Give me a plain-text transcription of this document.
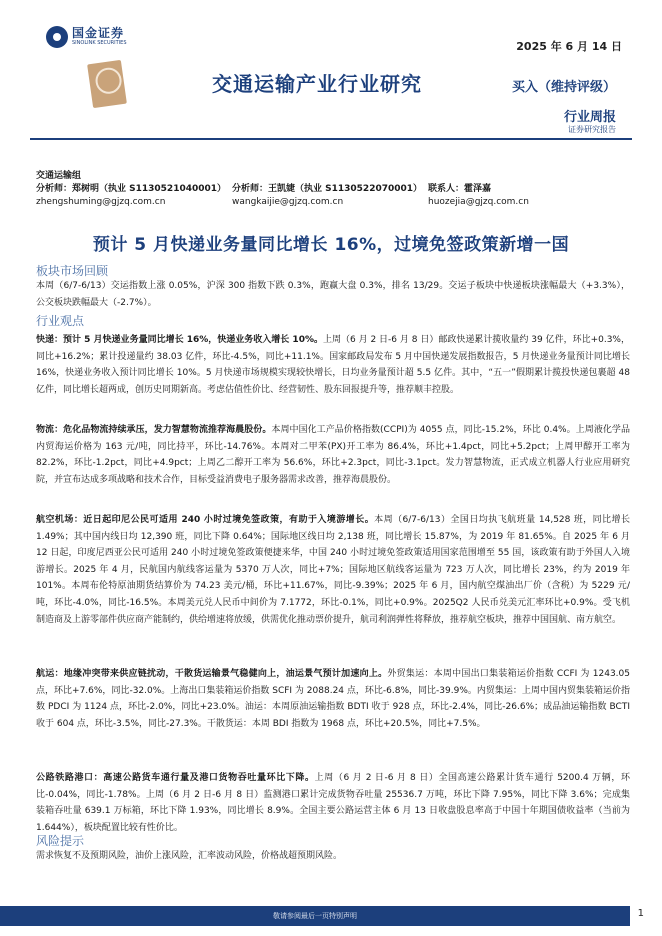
国金证券
SINOLINK SECURITIES	2025 年 6 月 14 日
交通运输产业行业研究	买入（维持评级）
行业周报
证券研究报告
交通运输组
分析师：郑树明（执业 S1130521040001） 分析师：王凯婕（执业 S1130522070001） 联系人：霍泽嘉
zhengshuming@gjzq.com.cn	wangkaijie@gjzq.com.cn	huozejia@gjzq.com.cn
预计 5 月快递业务量同比增长 16%，过境免签政策新增一国
板块市场回顾

本周（6/7-6/13）交运指数上涨 0.05%，沪深 300 指数下跌 0.3%，跑赢大盘 0.3%，排名 13/29。交运子板块中快递板块涨幅最大（+3.3%），公交板块跌幅最大（-2.7%）。

行业观点

快递：预计 5 月快递业务量同比增长 16%，快递业务收入增长 10%。上周（6 月 2 日-6 月 8 日）邮政快递累计揽收量约 39 亿件，环比+0.3%，同比+16.2%；累计投递量约 38.03 亿件，环比-4.5%，同比+11.1%。国家邮政局发布 5 月中国快递发展指数报告，5 月快递业务量预计同比增长 16%，快递业务收入预计同比增长 10%。5 月快递市场规模实现较快增长，日均业务量预计超 5.5 亿件。其中，“五一”假期累计揽投快递包裹超 48 亿件，同比增长超两成，创历史同期新高。考虑估值性价比、经营韧性、股东回报提升等，推荐顺丰控股。

物流：危化品物流持续承压，发力智慧物流推荐海晨股份。本周中国化工产品价格指数(CCPI)为 4055 点，同比-15.2%，环比 0.4%。上周液化学品内贸海运价格为 163 元/吨，同比持平，环比-14.76%。本周对二甲苯(PX)开工率为 86.4%，环比+1.4pct，同比+5.2pct；上周甲醇开工率为 82.2%，环比-1.2pct，同比+4.9pct；上周乙二醇开工率为 56.6%，环比+2.3pct，同比-3.1pct。发力智慧物流，正式成立机器人行业应用研究院，并宣布达成多项战略和技术合作，目标受益消费电子服务器需求改善，推荐海晨股份。

航空机场：近日起印尼公民可适用 240 小时过境免签政策，有助于入境游增长。本周（6/7-6/13）全国日均执飞航班量 14,528 班，同比增长 1.49%；其中国内线日均 12,390 班，同比下降 0.64%；国际地区线日均 2,138 班，同比增长 15.87%，为 2019 年 81.65%。自 2025 年 6 月 12 日起，印度尼西亚公民可适用 240 小时过境免签政策便捷来华，中国 240 小时过境免签政策适用国家范围增至 55 国，该政策有助于外国人入境游增长。2025 年 4 月，民航国内航线客运量为 5370 万人次，同比+7%；国际地区航线客运量为 723 万人次，同比增长 23%，约为 2019 年 101%。本周布伦特原油期货结算价为 74.23 美元/桶，环比+11.67%，同比-9.39%；2025 年 6 月，国内航空煤油出厂价（含税）为 5229 元/吨，环比-4.0%，同比-16.5%。本周美元兑人民币中间价为 7.1772，环比-0.1%，同比+0.9%。2025Q2 人民币兑美元汇率环比+0.9%。受飞机制造商及上游零部件供应商产能制约，供给增速将放缓，供需优化推动票价提升，航司利润弹性将释放，推荐航空板块，推荐中国国航、南方航空。

航运：地缘冲突带来供应链扰动，干散货运输景气稳健向上，油运景气预计加速向上。外贸集运：本周中国出口集装箱运价指数 CCFI 为 1243.05 点，环比+7.6%，同比-32.0%。上海出口集装箱运价指数 SCFI 为 2088.24 点，环比-6.8%，同比-39.9%。内贸集运：上周中国内贸集装箱运价指数 PDCI 为 1124 点，环比-2.0%，同比+23.0%。油运：本周原油运输指数 BDTI 收于 928 点，环比-2.4%，同比-26.6%；成品油运输指数 BCTI 收于 604 点，环比-3.5%，同比-27.3%。干散货运：本周 BDI 指数为 1968 点，环比+20.5%，同比+7.5%。

公路铁路港口：高速公路货车通行量及港口货物吞吐量环比下降。上周（6 月 2 日-6 月 8 日）全国高速公路累计货车通行 5200.4 万辆，环比-0.04%，同比-1.78%。上周（6 月 2 日-6 月 8 日）监测港口累计完成货物吞吐量 25536.7 万吨，环比下降 7.95%，同比下降 3.6%；完成集装箱吞吐量 639.1 万标箱，环比下降 1.93%，同比增长 8.9%。全国主要公路运营主体 6 月 13 日收盘股息率高于中国十年期国债收益率（当前为 1.644%），板块配置比较有性价比。

风险提示

需求恢复不及预期风险，油价上涨风险，汇率波动风险，价格战超预期风险。

敬请参阅最后一页特别声明	1
